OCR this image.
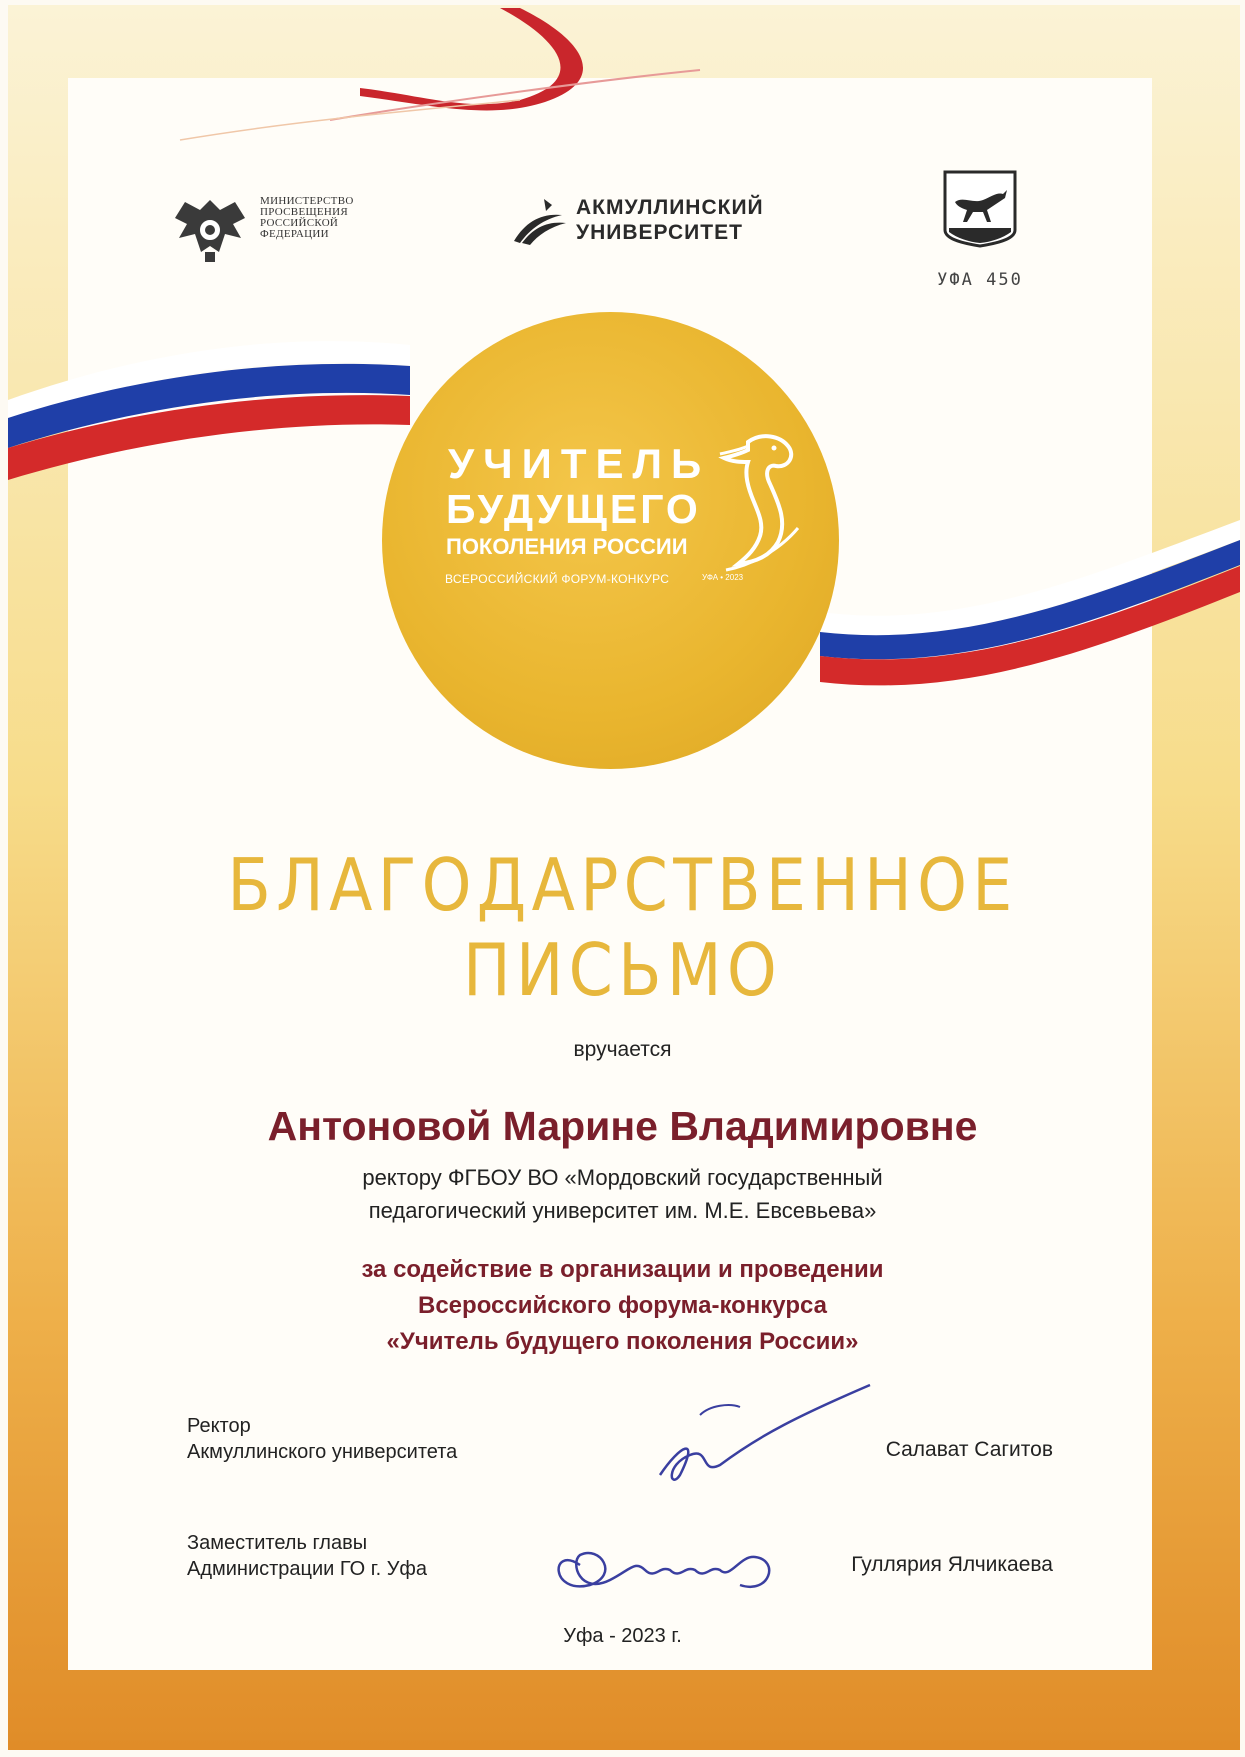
МИНИСТЕРСТВО
ПРОСВЕЩЕНИЯ
РОССИЙСКОЙ
ФЕДЕРАЦИИ
АКМУЛЛИНСКИЙ
УНИВЕРСИТЕТ
УФА 450
УЧИТЕЛЬ
БУДУЩЕГО
ПОКОЛЕНИЯ РОССИИ
ВСЕРОССИЙСКИЙ ФОРУМ-КОНКУРС	УФА • 2023
БЛАГОДАРСТВЕННОЕ
ПИСЬМО
вручается
Антоновой Марине Владимировне
ректору ФГБОУ ВО «Мордовский государственный
педагогический университет им. М.Е. Евсевьева»
за содействие в организации и проведении
Всероссийского форума-конкурса
«Учитель будущего поколения России»
Ректор
Акмуллинского университета	Салават Сагитов
Заместитель главы
Администрации ГО г. Уфа	Гуллярия Ялчикаева
Уфа - 2023 г.
